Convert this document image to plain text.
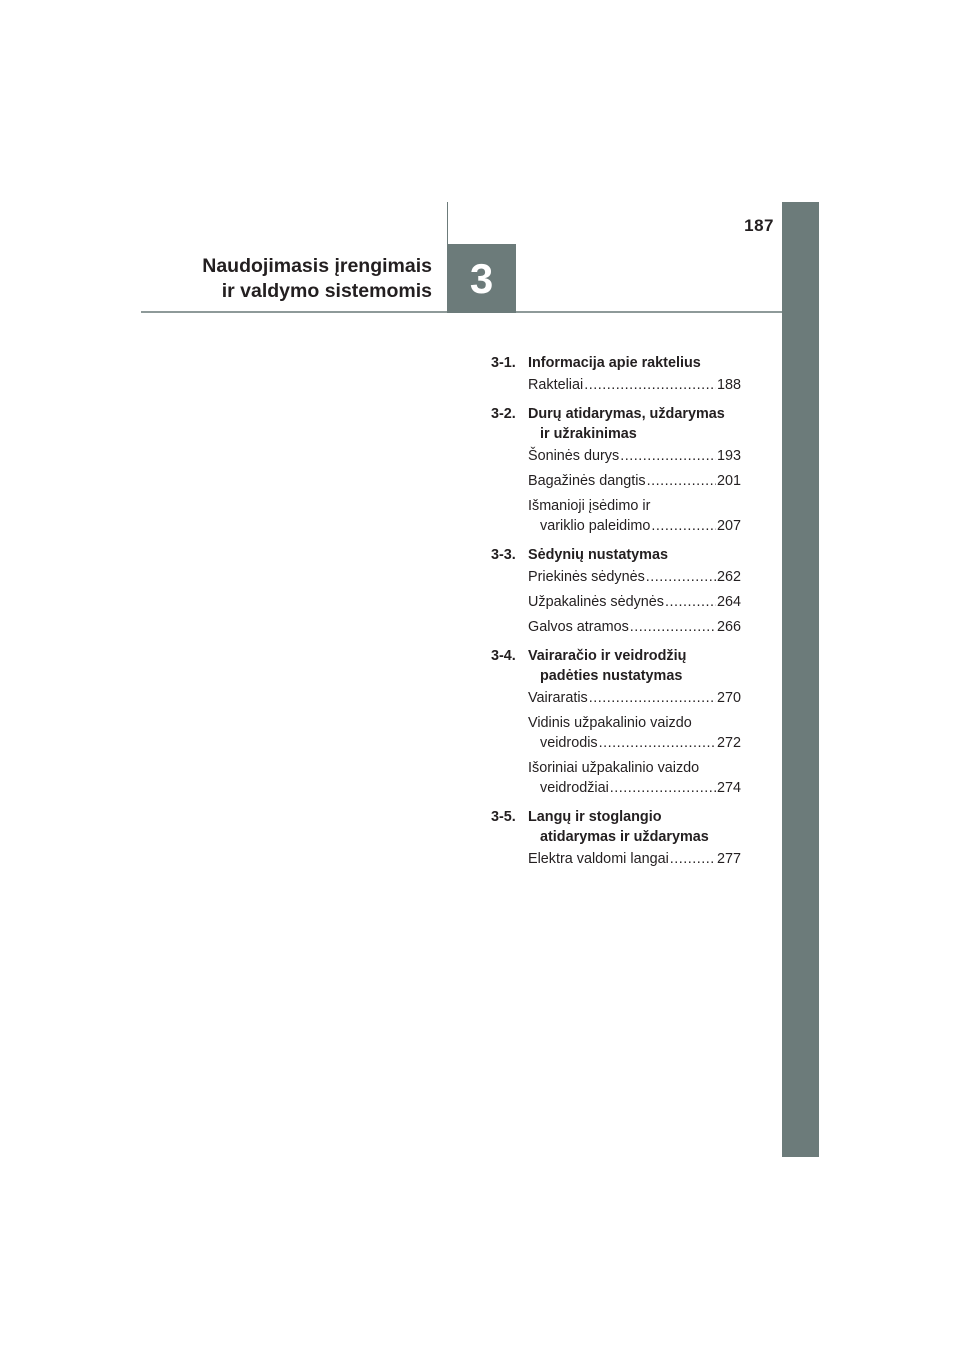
187
Naudojimasis įrengimais
ir valdymo sistemomis 3
3-1. Informacija apie raktelius
Rakteliai .....	188
3-2. Durų atidarymas, uždarymas
ir užrakinimas
Šoninės durys .....	193
Bagažinės dangtis .....	201
Išmanioji įsėdimo ir
variklio paleidimo .....	207
3-3. Sėdynių nustatymas
Priekinės sėdynės .....	262
Užpakalinės sėdynės .....	264
Galvos atramos .....	266
3-4. Vairaračio ir veidrodžių
padėties nustatymas
Vairaratis .....	270
Vidinis užpakalinio vaizdo
veidrodis .....	272
Išoriniai užpakalinio vaizdo
veidrodžiai .....	274
3-5. Langų ir stoglangio
atidarymas ir uždarymas
Elektra valdomi langai .....	277
